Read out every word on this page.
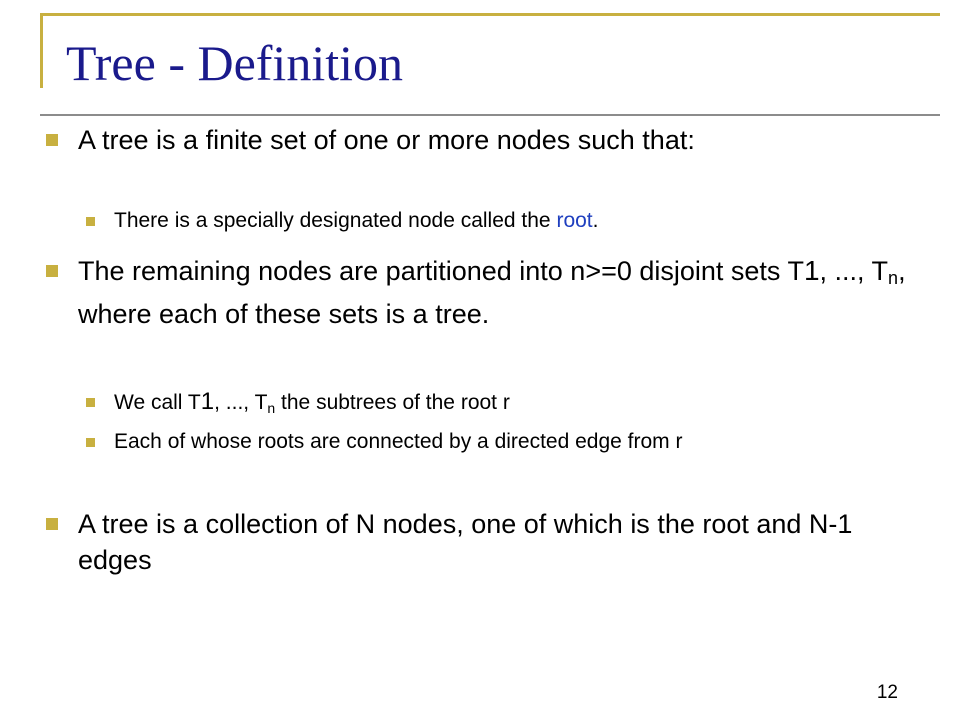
Tree - Definition
A tree is a finite set of one or more nodes such that:
There is a specially designated node called the root.
The remaining nodes are partitioned into n>=0 disjoint sets T1, ..., Tn, where each of these sets is a tree.
We call T1, ..., Tn the subtrees of the root r
Each of whose roots are connected by a directed edge from r
A tree is a collection of N nodes, one of which is the root and N-1 edges
12
